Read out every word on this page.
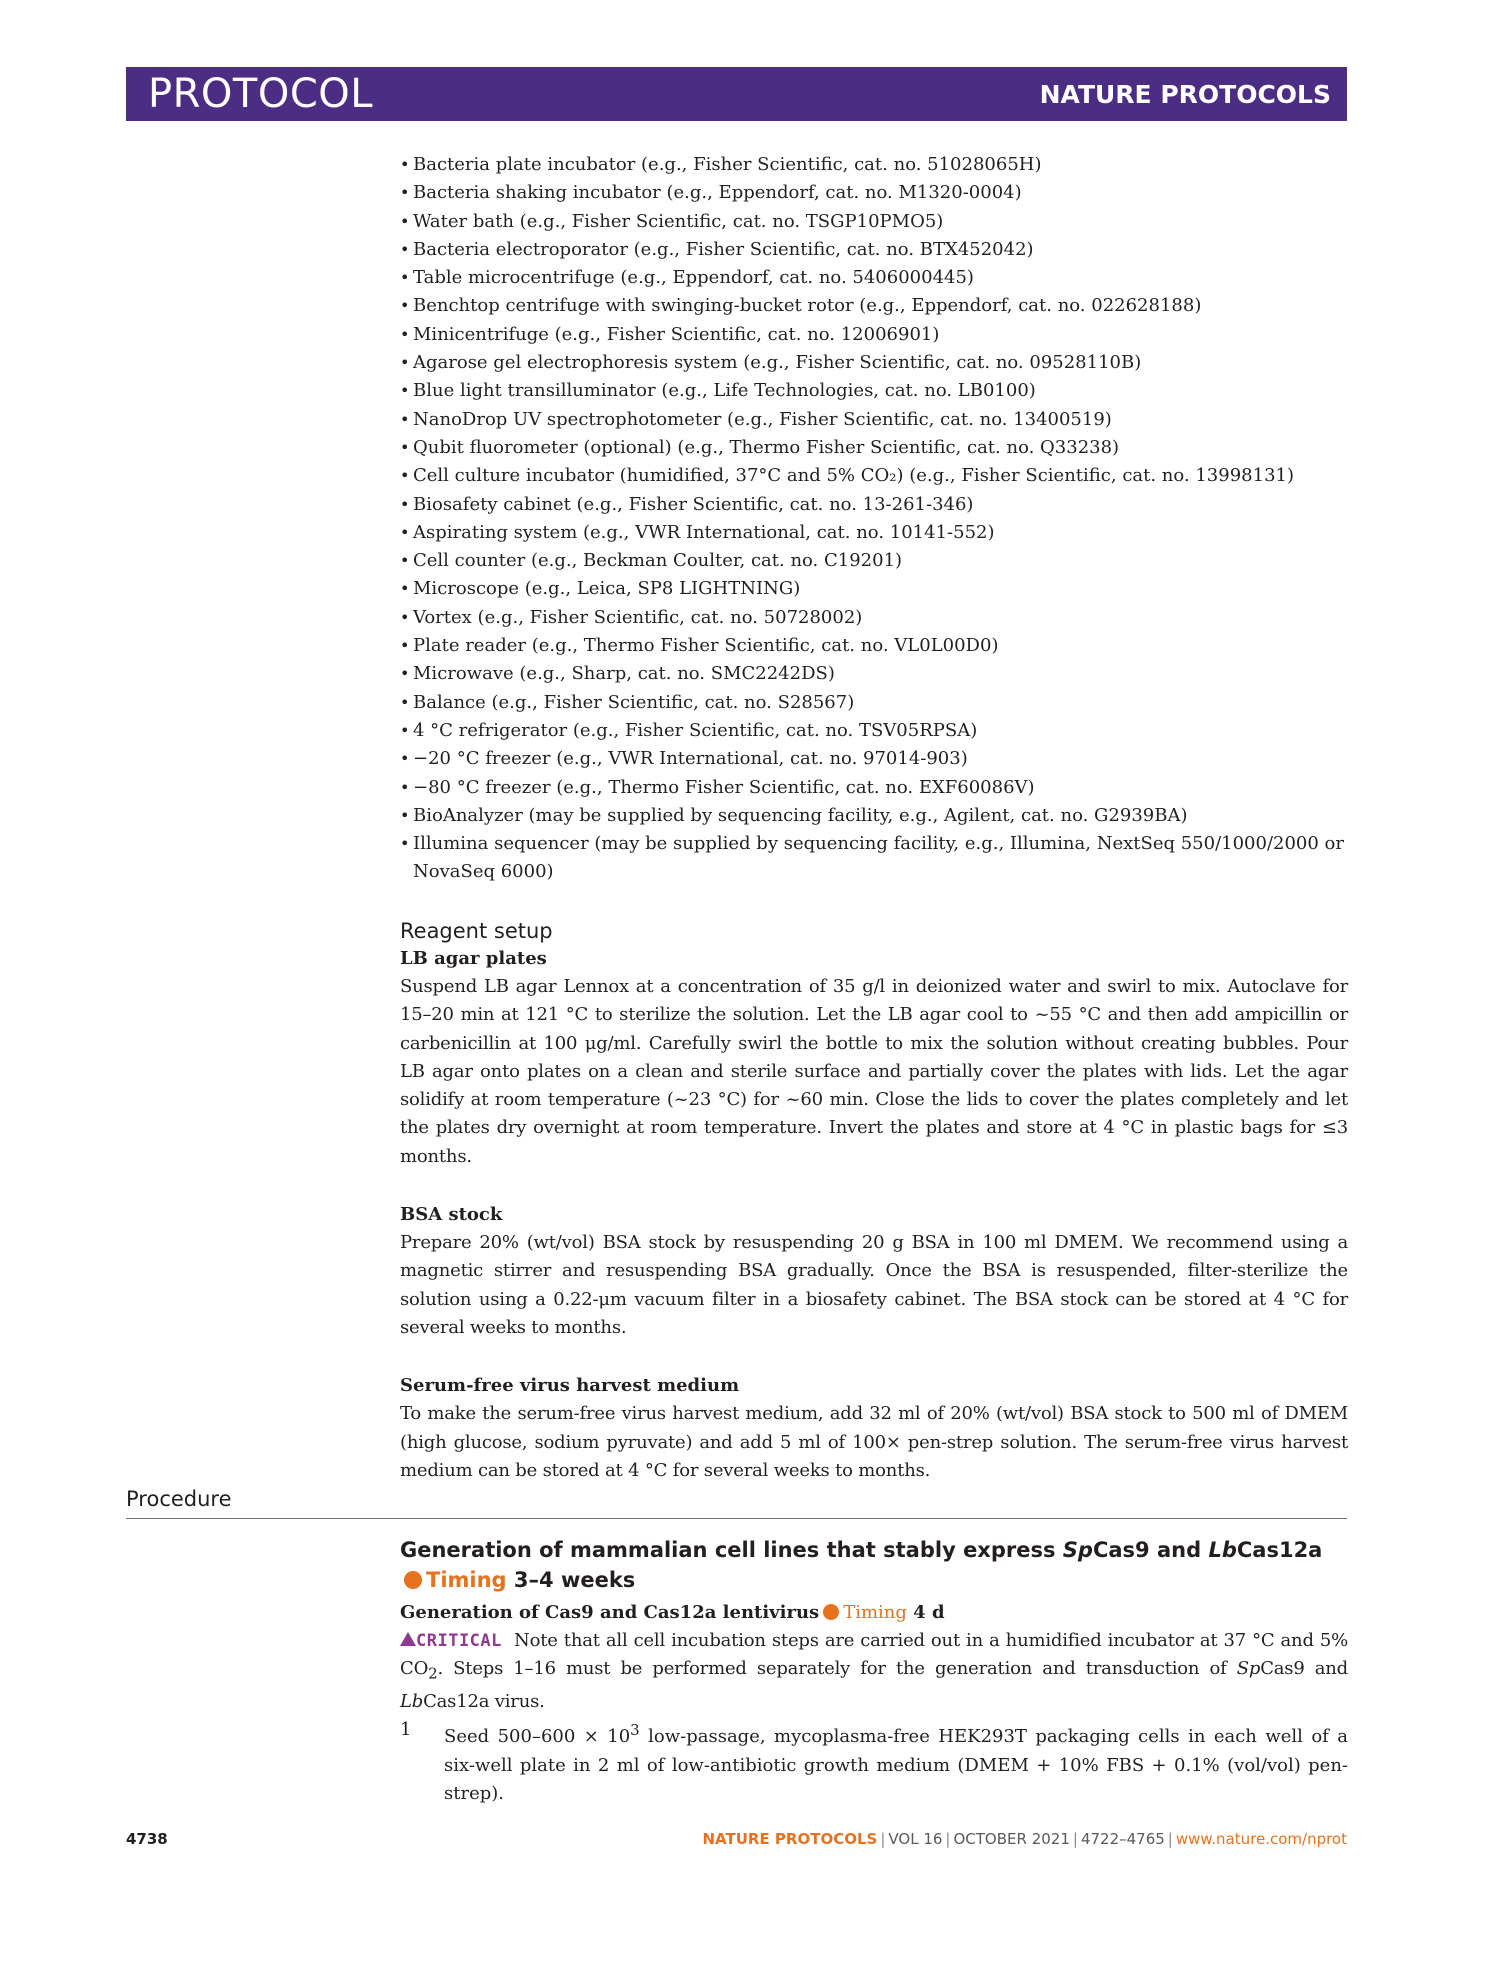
PROTOCOL	NATURE PROTOCOLS
• Bacteria plate incubator (e.g., Fisher Scientific, cat. no. 51028065H)
• Bacteria shaking incubator (e.g., Eppendorf, cat. no. M1320-0004)
• Water bath (e.g., Fisher Scientific, cat. no. TSGP10PMO5)
• Bacteria electroporator (e.g., Fisher Scientific, cat. no. BTX452042)
• Table microcentrifuge (e.g., Eppendorf, cat. no. 5406000445)
• Benchtop centrifuge with swinging-bucket rotor (e.g., Eppendorf, cat. no. 022628188)
• Minicentrifuge (e.g., Fisher Scientific, cat. no. 12006901)
• Agarose gel electrophoresis system (e.g., Fisher Scientific, cat. no. 09528110B)
• Blue light transilluminator (e.g., Life Technologies, cat. no. LB0100)
• NanoDrop UV spectrophotometer (e.g., Fisher Scientific, cat. no. 13400519)
• Qubit fluorometer (optional) (e.g., Thermo Fisher Scientific, cat. no. Q33238)
• Cell culture incubator (humidified, 37°C and 5% CO₂) (e.g., Fisher Scientific, cat. no. 13998131)
• Biosafety cabinet (e.g., Fisher Scientific, cat. no. 13-261-346)
• Aspirating system (e.g., VWR International, cat. no. 10141-552)
• Cell counter (e.g., Beckman Coulter, cat. no. C19201)
• Microscope (e.g., Leica, SP8 LIGHTNING)
• Vortex (e.g., Fisher Scientific, cat. no. 50728002)
• Plate reader (e.g., Thermo Fisher Scientific, cat. no. VL0L00D0)
• Microwave (e.g., Sharp, cat. no. SMC2242DS)
• Balance (e.g., Fisher Scientific, cat. no. S28567)
• 4 °C refrigerator (e.g., Fisher Scientific, cat. no. TSV05RPSA)
• −20 °C freezer (e.g., VWR International, cat. no. 97014-903)
• −80 °C freezer (e.g., Thermo Fisher Scientific, cat. no. EXF60086V)
• BioAnalyzer (may be supplied by sequencing facility, e.g., Agilent, cat. no. G2939BA)
• Illumina sequencer (may be supplied by sequencing facility, e.g., Illumina, NextSeq 550/1000/2000 or NovaSeq 6000)
Reagent setup
LB agar plates

Suspend LB agar Lennox at a concentration of 35 g/l in deionized water and swirl to mix. Autoclave for 15–20 min at 121 °C to sterilize the solution. Let the LB agar cool to ~55 °C and then add ampicillin or carbenicillin at 100 μg/ml. Carefully swirl the bottle to mix the solution without creating bubbles. Pour LB agar onto plates on a clean and sterile surface and partially cover the plates with lids. Let the agar solidify at room temperature (~23 °C) for ~60 min. Close the lids to cover the plates completely and let the plates dry overnight at room temperature. Invert the plates and store at 4 °C in plastic bags for ≤3 months.

BSA stock

Prepare 20% (wt/vol) BSA stock by resuspending 20 g BSA in 100 ml DMEM. We recommend using a magnetic stirrer and resuspending BSA gradually. Once the BSA is resuspended, filter-sterilize the solution using a 0.22-μm vacuum filter in a biosafety cabinet. The BSA stock can be stored at 4 °C for several weeks to months.

Serum-free virus harvest medium

To make the serum-free virus harvest medium, add 32 ml of 20% (wt/vol) BSA stock to 500 ml of DMEM (high glucose, sodium pyruvate) and add 5 ml of 100× pen-strep solution. The serum-free virus harvest medium can be stored at 4 °C for several weeks to months.

Procedure
Generation of mammalian cell lines that stably express SpCas9 and LbCas12aTiming 3–4 weeks
Generation of Cas9 and Cas12a lentivirus Timing 4 d

CRITICAL Note that all cell incubation steps are carried out in a humidified incubator at 37 °C and 5% $CO_2$. Steps 1–16 must be performed separately for the generation and transduction of SpCas9 and LbCas12a virus.

1	Seed $500-600 \times 10^3$ low-passage, mycoplasma-free HEK293T packaging cells in each well of a six-well plate in 2 ml of low-antibiotic growth medium (DMEM + 10% FBS + 0.1% (vol/vol) pen-strep).
4738	NATURE PROTOCOLS | VOL 16 | OCTOBER 2021 | 4722–4765 | www.nature.com/nprot
